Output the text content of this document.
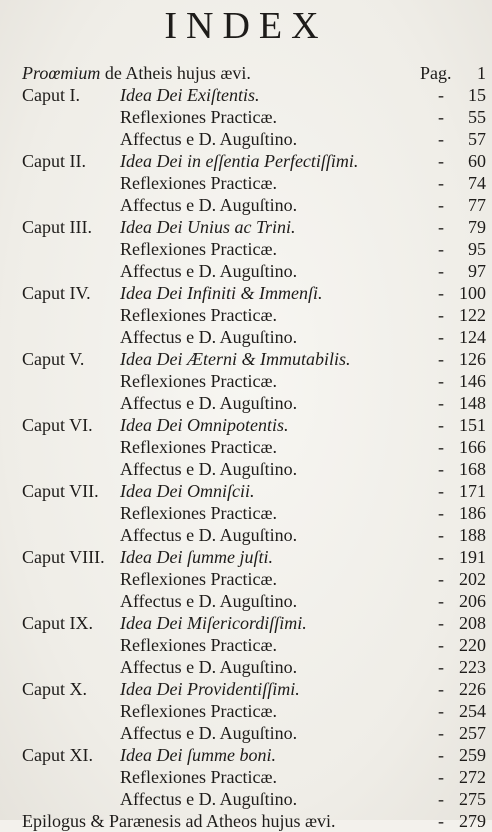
INDEX
Proœmium de Atheis hujus ævi.	Pag. 1
Caput I. Idea Dei Exiſtentis.	- 15
Reflexiones Practicæ.	- 55
Affectus e D. Auguſtino.	- 57
Caput II. Idea Dei in eſſentia Perfectiſſimi.	- 60
Reflexiones Practicæ.	- 74
Affectus e D. Auguſtino.	- 77
Caput III. Idea Dei Unius ac Trini.	- 79
Reflexiones Practicæ.	- 95
Affectus e D. Auguſtino.	- 97
Caput IV. Idea Dei Infiniti & Immenſi.	- 100
Reflexiones Practicæ.	- 122
Affectus e D. Auguſtino.	- 124
Caput V. Idea Dei Æterni & Immutabilis.	- 126
Reflexiones Practicæ.	- 146
Affectus e D. Auguſtino.	- 148
Caput VI. Idea Dei Omnipotentis.	- 151
Reflexiones Practicæ.	- 166
Affectus e D. Auguſtino.	- 168
Caput VII. Idea Dei Omniſcii.	- 171
Reflexiones Practicæ.	- 186
Affectus e D. Auguſtino.	- 188
Caput VIII. Idea Dei ſumme juſti.	- 191
Reflexiones Practicæ.	- 202
Affectus e D. Auguſtino.	- 206
Caput IX. Idea Dei Miſericordiſſimi.	- 208
Reflexiones Practicæ.	- 220
Affectus e D. Auguſtino.	- 223
Caput X. Idea Dei Providentiſſimi.	- 226
Reflexiones Practicæ.	- 254
Affectus e D. Auguſtino.	- 257
Caput XI. Idea Dei ſumme boni.	- 259
Reflexiones Practicæ.	- 272
Affectus e D. Auguſtino.	- 275
Epilogus & Parænesis ad Atheos hujus ævi.	- 279
